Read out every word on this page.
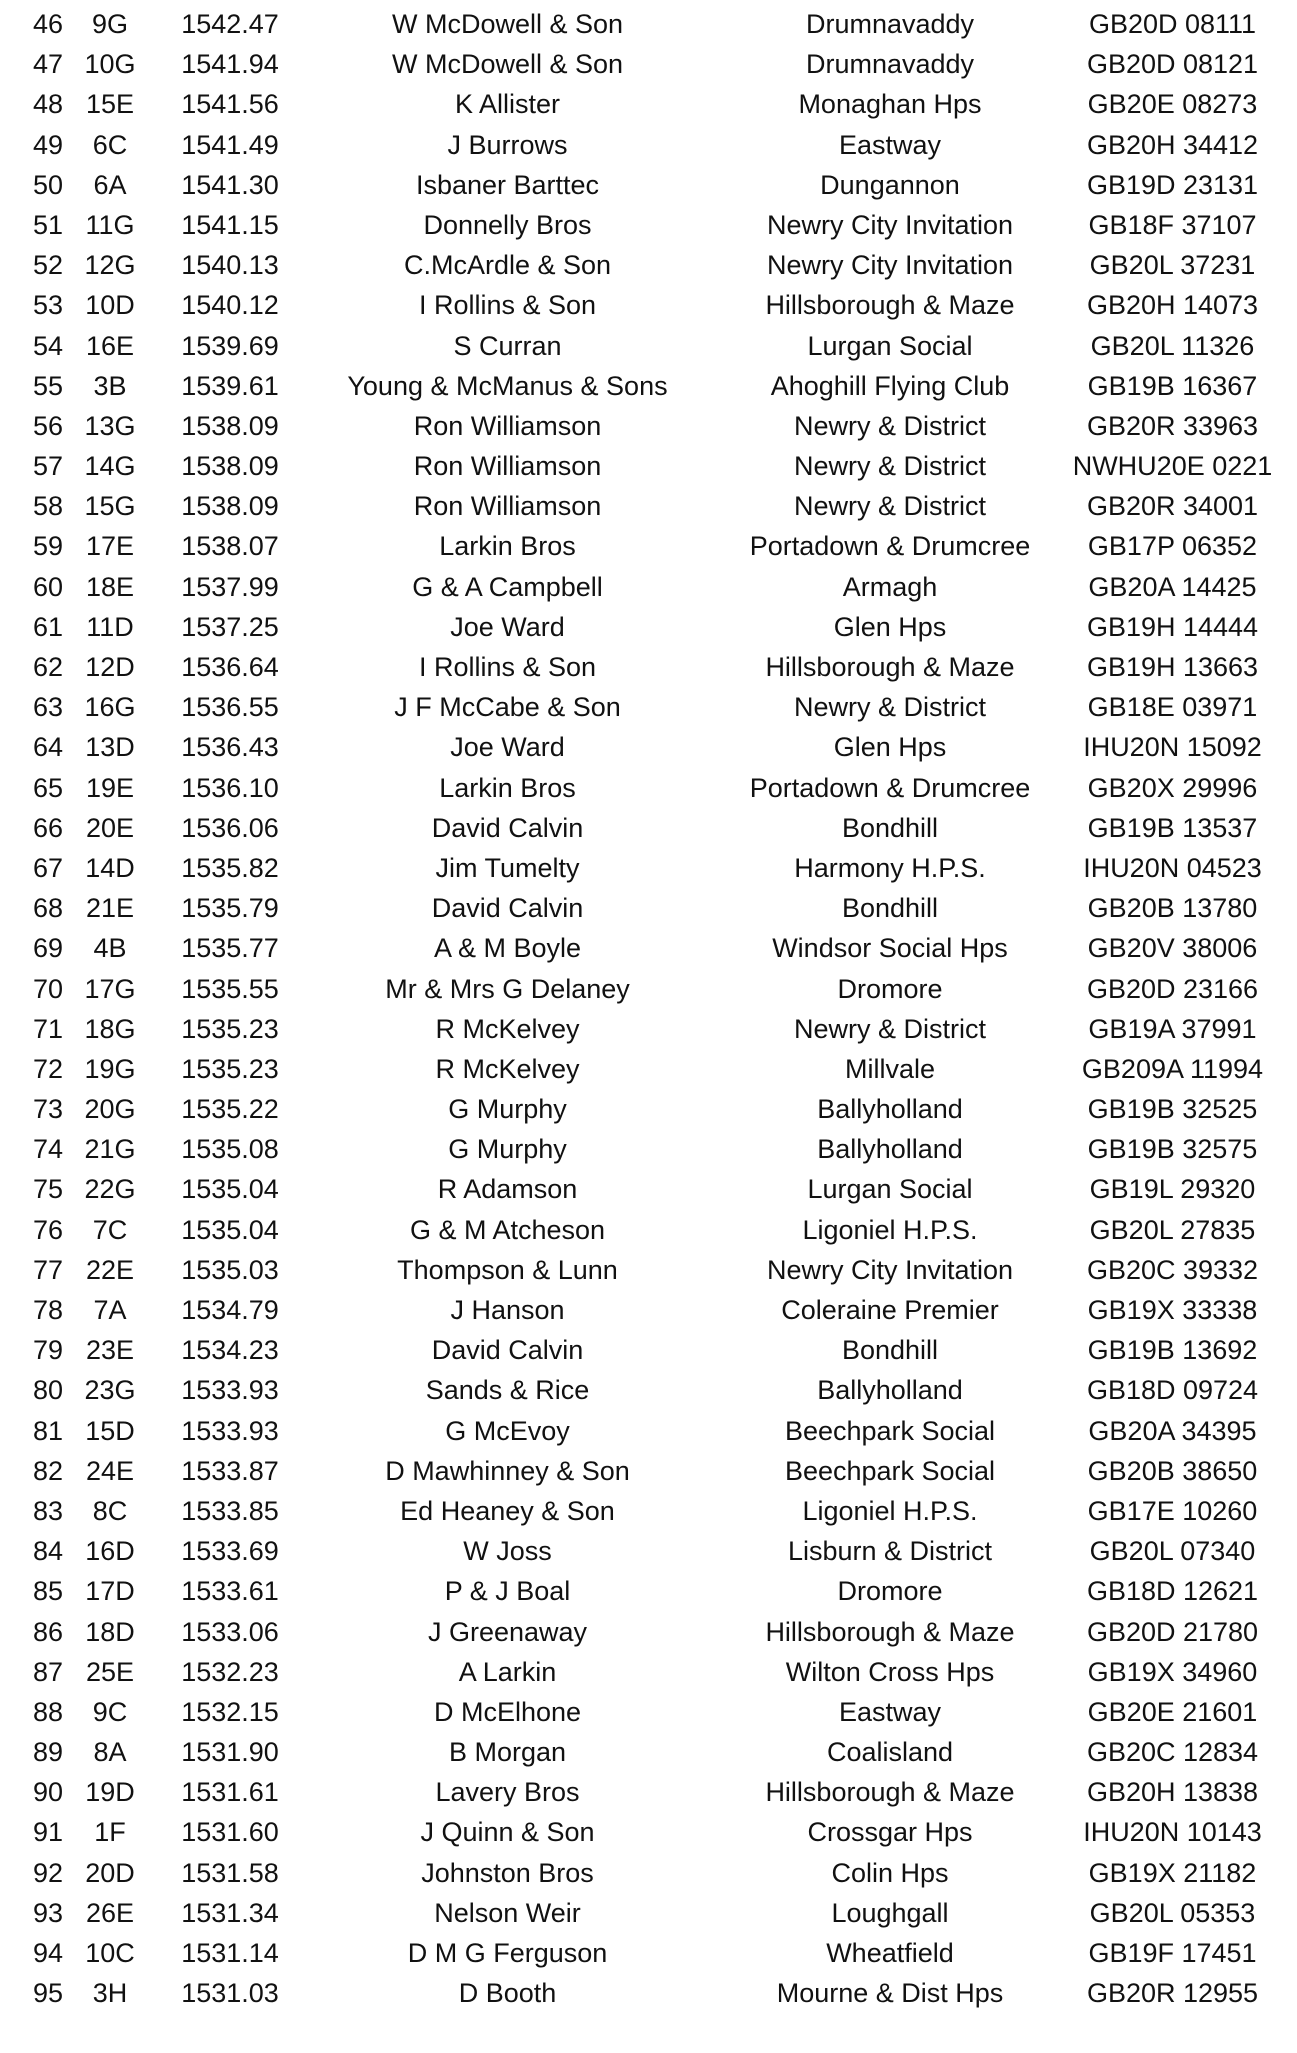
46	9G	1542.47	W McDowell & Son	Drumnavaddy	GB20D 08111
47 10G	1541.94	W McDowell & Son	Drumnavaddy	GB20D 08121
48 15E	1541.56	K Allister	Monaghan Hps	GB20E 08273
49	6C	1541.49	J Burrows	Eastway	GB20H 34412
50	6A	1541.30	Isbaner Barttec	Dungannon	GB19D 23131
51 11G	1541.15	Donnelly Bros	Newry City Invitation	GB18F 37107
52 12G	1540.13	C.McArdle & Son	Newry City Invitation	GB20L 37231
53 10D	1540.12	I Rollins & Son	Hillsborough & Maze	GB20H 14073
54 16E	1539.69	S Curran	Lurgan Social	GB20L 11326
55	3B	1539.61	Young & McManus & Sons	Ahoghill Flying Club	GB19B 16367
56 13G	1538.09	Ron Williamson	Newry & District	GB20R 33963
57 14G	1538.09	Ron Williamson	Newry & District	NWHU20E 0221
58 15G	1538.09	Ron Williamson	Newry & District	GB20R 34001
59 17E	1538.07	Larkin Bros	Portadown & Drumcree	GB17P 06352
60 18E	1537.99	G & A Campbell	Armagh	GB20A 14425
61 11D	1537.25	Joe Ward	Glen Hps	GB19H 14444
62 12D	1536.64	I Rollins & Son	Hillsborough & Maze	GB19H 13663
63 16G	1536.55	J F McCabe & Son	Newry & District	GB18E 03971
64 13D	1536.43	Joe Ward	Glen Hps	IHU20N 15092
65 19E	1536.10	Larkin Bros	Portadown & Drumcree	GB20X 29996
66 20E	1536.06	David Calvin	Bondhill	GB19B 13537
67 14D	1535.82	Jim Tumelty	Harmony H.P.S.	IHU20N 04523
68 21E	1535.79	David Calvin	Bondhill	GB20B 13780
69	4B	1535.77	A & M Boyle	Windsor Social Hps	GB20V 38006
70 17G	1535.55	Mr & Mrs G Delaney	Dromore	GB20D 23166
71 18G	1535.23	R McKelvey	Newry & District	GB19A 37991
72 19G	1535.23	R McKelvey	Millvale	GB209A 11994
73 20G	1535.22	G Murphy	Ballyholland	GB19B 32525
74 21G	1535.08	G Murphy	Ballyholland	GB19B 32575
75 22G	1535.04	R Adamson	Lurgan Social	GB19L 29320
76	7C	1535.04	G & M Atcheson	Ligoniel H.P.S.	GB20L 27835
77 22E	1535.03	Thompson & Lunn	Newry City Invitation	GB20C 39332
78	7A	1534.79	J Hanson	Coleraine Premier	GB19X 33338
79 23E	1534.23	David Calvin	Bondhill	GB19B 13692
80 23G	1533.93	Sands & Rice	Ballyholland	GB18D 09724
81 15D	1533.93	G McEvoy	Beechpark Social	GB20A 34395
82 24E	1533.87	D Mawhinney & Son	Beechpark Social	GB20B 38650
83	8C	1533.85	Ed Heaney & Son	Ligoniel H.P.S.	GB17E 10260
84 16D	1533.69	W Joss	Lisburn & District	GB20L 07340
85 17D	1533.61	P & J Boal	Dromore	GB18D 12621
86 18D	1533.06	J Greenaway	Hillsborough & Maze	GB20D 21780
87 25E	1532.23	A Larkin	Wilton Cross Hps	GB19X 34960
88	9C	1532.15	D McElhone	Eastway	GB20E 21601
89	8A	1531.90	B Morgan	Coalisland	GB20C 12834
90 19D	1531.61	Lavery Bros	Hillsborough & Maze	GB20H 13838
91	1F	1531.60	J Quinn & Son	Crossgar Hps	IHU20N 10143
92 20D	1531.58	Johnston Bros	Colin Hps	GB19X 21182
93 26E	1531.34	Nelson Weir	Loughgall	GB20L 05353
94 10C	1531.14	D M G Ferguson	Wheatfield	GB19F 17451
95	3H	1531.03	D Booth	Mourne & Dist Hps	GB20R 12955
